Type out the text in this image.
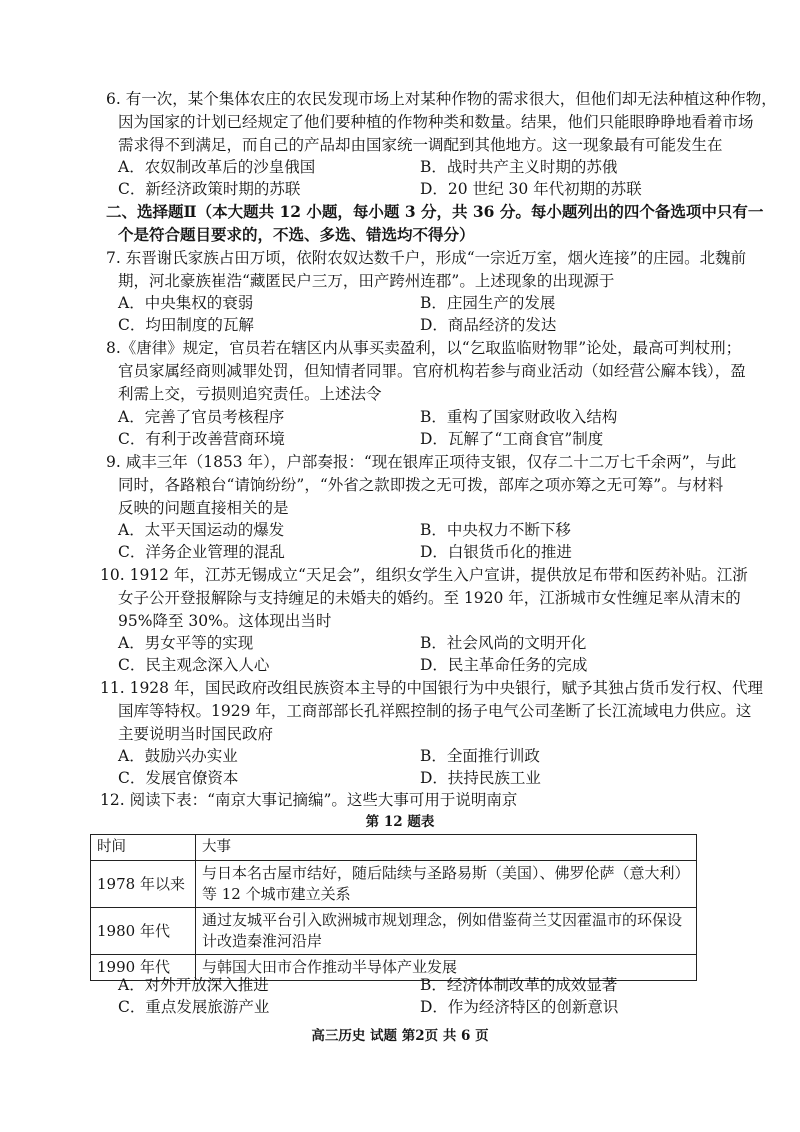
6. 有一次，某个集体农庄的农民发现市场上对某种作物的需求很大，但他们却无法种植这种作物，
因为国家的计划已经规定了他们要种植的作物种类和数量。结果，他们只能眼睁睁地看着市场
需求得不到满足，而自己的产品却由国家统一调配到其他地方。这一现象最有可能发生在
A．农奴制改革后的沙皇俄国	B．战时共产主义时期的苏俄
C．新经济政策时期的苏联	D．20 世纪 30 年代初期的苏联
二、选择题Ⅱ（本大题共 12 小题，每小题 3 分，共 36 分。每小题列出的四个备选项中只有一
个是符合题目要求的，不选、多选、错选均不得分）
7. 东晋谢氏家族占田万顷，依附农奴达数千户，形成“一宗近万室，烟火连接”的庄园。北魏前
期，河北豪族崔浩“藏匿民户三万，田产跨州连郡”。上述现象的出现源于
A．中央集权的衰弱	B．庄园生产的发展
C．均田制度的瓦解	D．商品经济的发达
8.《唐律》规定，官员若在辖区内从事买卖盈利，以“乞取监临财物罪”论处，最高可判杖刑；
官员家属经商则减罪处罚，但知情者同罪。官府机构若参与商业活动（如经营公廨本钱），盈
利需上交，亏损则追究责任。上述法令
A．完善了官员考核程序	B．重构了国家财政收入结构
C．有利于改善营商环境	D．瓦解了“工商食官”制度
9. 咸丰三年（1853 年），户部奏报：“现在银库正项待支银，仅存二十二万七千余两”，与此
同时，各路粮台“请饷纷纷”，“外省之款即拨之无可拨，部库之项亦筹之无可筹”。与材料
反映的问题直接相关的是
A．太平天国运动的爆发	B．中央权力不断下移
C．洋务企业管理的混乱	D．白银货币化的推进
10. 1912 年，江苏无锡成立“天足会”，组织女学生入户宣讲，提供放足布带和医药补贴。江浙
女子公开登报解除与支持缠足的未婚夫的婚约。至 1920 年，江浙城市女性缠足率从清末的
95%降至 30%。这体现出当时
A．男女平等的实现	B．社会风尚的文明开化
C．民主观念深入人心	D．民主革命任务的完成
11. 1928 年，国民政府改组民族资本主导的中国银行为中央银行，赋予其独占货币发行权、代理
国库等特权。1929 年，工商部部长孔祥熙控制的扬子电气公司垄断了长江流域电力供应。这
主要说明当时国民政府
A．鼓励兴办实业	B．全面推行训政
C．发展官僚资本	D．扶持民族工业
12. 阅读下表：“南京大事记摘编”。这些大事可用于说明南京
第 12 题表
时间	大事
1978 年以来	与日本名古屋市结好，随后陆续与圣路易斯（美国）、佛罗伦萨（意大利）等 12 个城市建立关系
1980 年代	通过友城平台引入欧洲城市规划理念，例如借鉴荷兰艾因霍温市的环保设计改造秦淮河沿岸
1990 年代	与韩国大田市合作推动半导体产业发展
A．对外开放深入推进	B．经济体制改革的成效显著
C．重点发展旅游产业	D．作为经济特区的创新意识
高三历史 试题 第2页 共 6 页
